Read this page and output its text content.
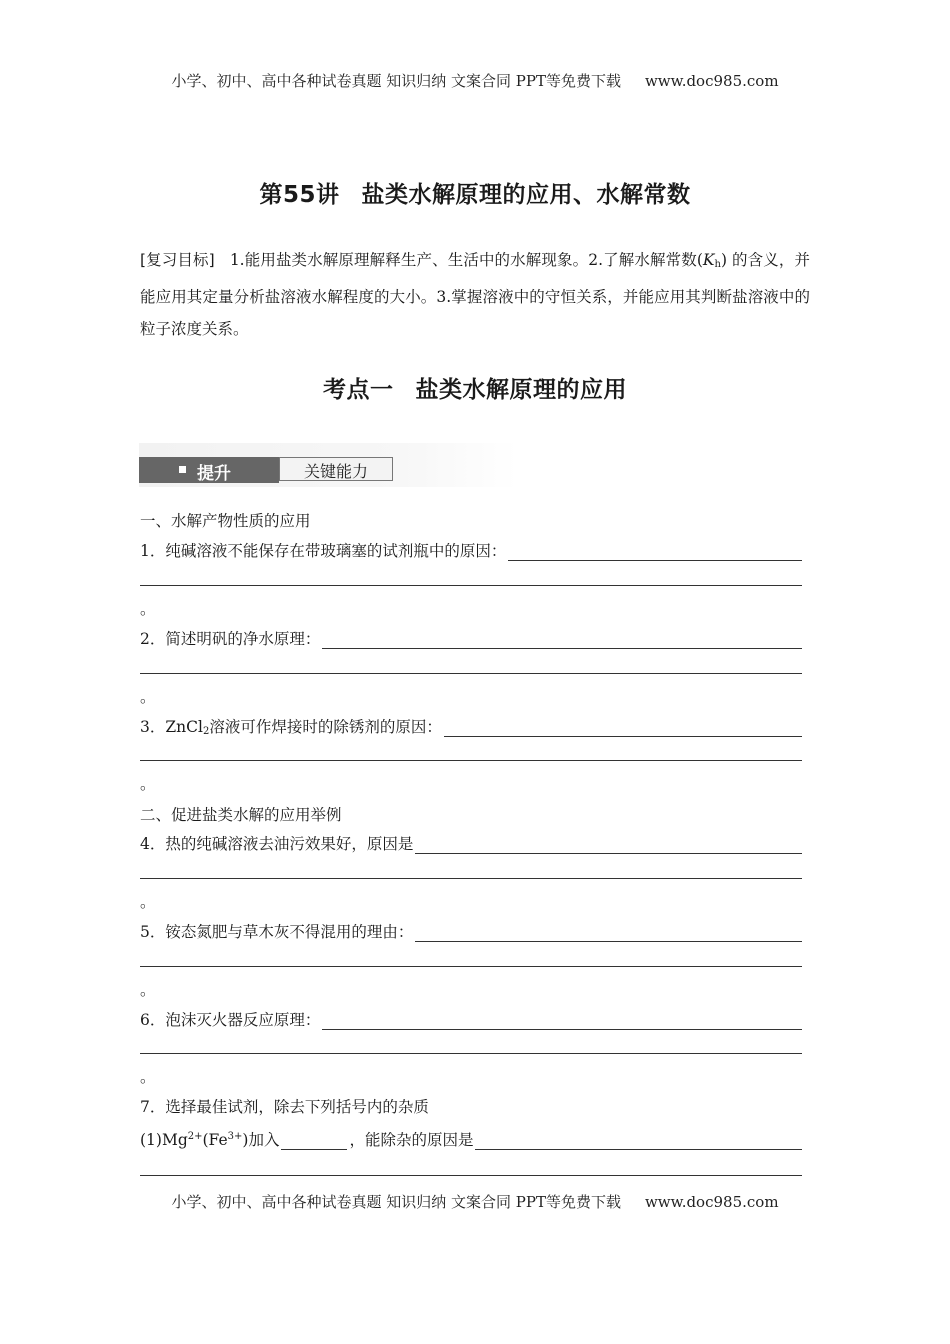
小学、初中、高中各种试卷真题 知识归纳 文案合同 PPT等免费下载 www.doc985.com
第55讲 盐类水解原理的应用、水解常数
[复习目标] 1.能用盐类水解原理解释生产、生活中的水解现象。2.了解水解常数$(K_h)$ 的含义，并能应用其定量分析盐溶液水解程度的大小。3.掌握溶液中的守恒关系，并能应用其判断盐溶液中的粒子浓度关系。
考点一 盐类水解原理的应用
提升	关键能力
一、水解产物性质的应用
1．纯碱溶液不能保存在带玻璃塞的试剂瓶中的原因：
。
2．简述明矾的净水原理：
。
3．ZnCl$_2$溶液可作焊接时的除锈剂的原因：
。
二、促进盐类水解的应用举例
4．热的纯碱溶液去油污效果好，原因是
。
5．铵态氮肥与草木灰不得混用的理由：
。
6．泡沫灭火器反应原理：
。
7．选择最佳试剂，除去下列括号内的杂质
$(1)Mg^{2+}(Fe^{3+})$加入	，能除杂的原因是
小学、初中、高中各种试卷真题 知识归纳 文案合同 PPT等免费下载 www.doc985.com
